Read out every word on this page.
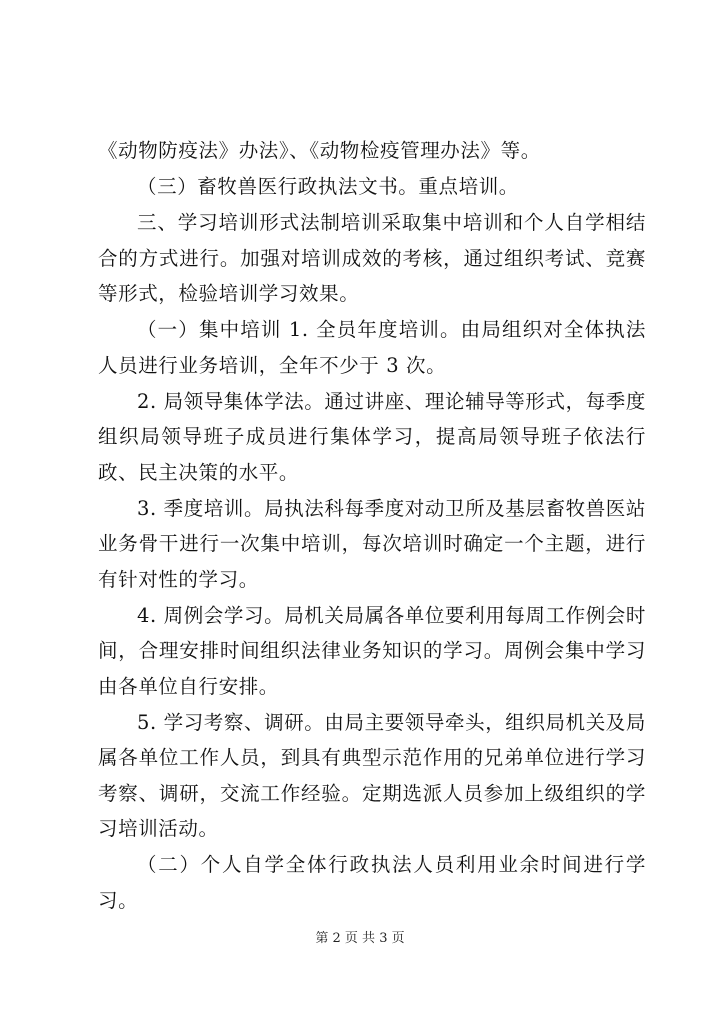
《动物防疫法》办法》、《动物检疫管理办法》等。

（三）畜牧兽医行政执法文书。重点培训。

三、学习培训形式法制培训采取集中培训和个人自学相结合的方式进行。加强对培训成效的考核，通过组织考试、竞赛等形式，检验培训学习效果。

（一）集中培训 1. 全员年度培训。由局组织对全体执法人员进行业务培训，全年不少于 3 次。

2. 局领导集体学法。通过讲座、理论辅导等形式，每季度组织局领导班子成员进行集体学习，提高局领导班子依法行政、民主决策的水平。

3. 季度培训。局执法科每季度对动卫所及基层畜牧兽医站业务骨干进行一次集中培训，每次培训时确定一个主题，进行有针对性的学习。

4. 周例会学习。局机关局属各单位要利用每周工作例会时间，合理安排时间组织法律业务知识的学习。周例会集中学习由各单位自行安排。

5. 学习考察、调研。由局主要领导牵头，组织局机关及局属各单位工作人员，到具有典型示范作用的兄弟单位进行学习考察、调研，交流工作经验。定期选派人员参加上级组织的学习培训活动。

（二）个人自学全体行政执法人员利用业余时间进行学习。

第 2 页 共 3 页
